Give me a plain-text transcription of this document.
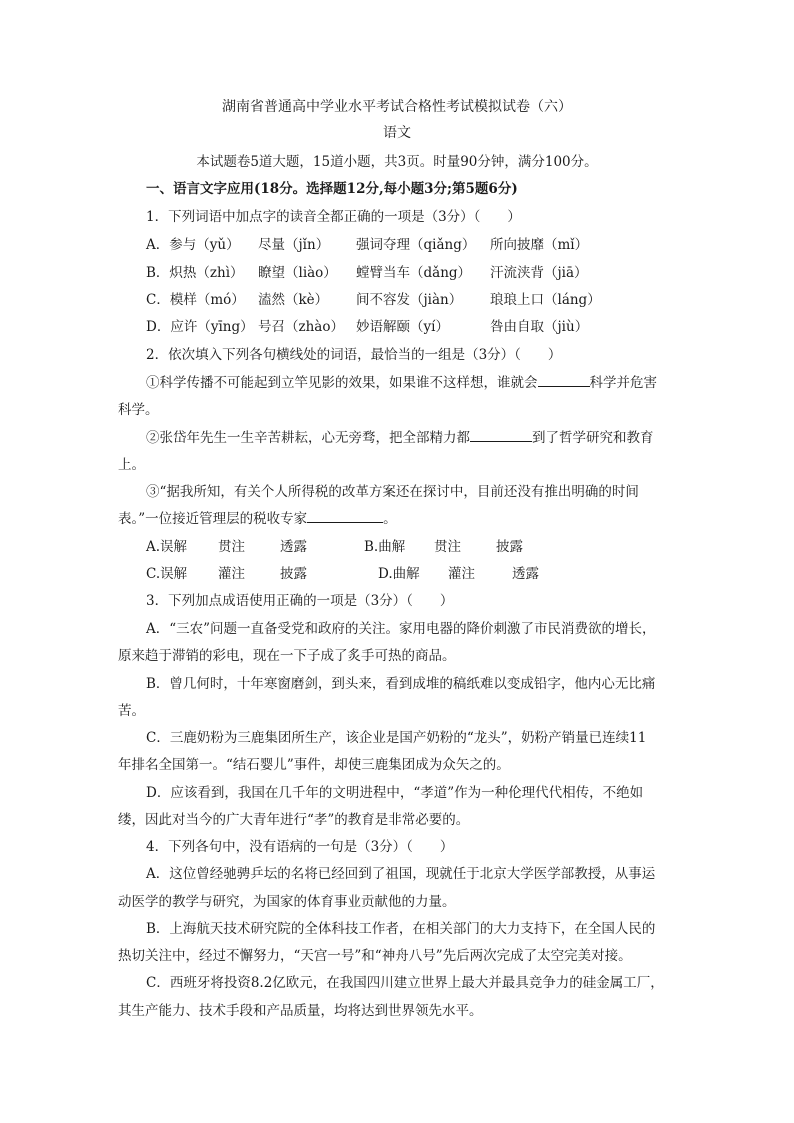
湖南省普通高中学业水平考试合格性考试模拟试卷（六）
语文
本试题卷5道大题，15道小题，共3页。时量90分钟，满分100分。
一、语言文字应用(18分。选择题12分,每小题3分;第5题6分)
1．下列词语中加点字的读音全都正确的一项是（3分）（　　）
A．参与（yǔ） 尽量（jǐn） 强词夺理（qiǎng） 所向披靡（mǐ）
B．炽热（zhì） 瞭望（liào） 螳臂当车（dǎng） 汗流浃背（jiā）
C．模样（mó） 溘然（kè） 间不容发（jiàn） 琅琅上口（láng）
D．应许（yīng） 号召（zhào） 妙语解颐（yí）	咎由自取（jiù）
2．依次填入下列各句横线处的词语，最恰当的一组是（3分）（　　）
①科学传播不可能起到立竿见影的效果，如果谁不这样想，谁就会	科学并危害
科学。
②张岱年先生一生辛苦耕耘，心无旁骛，把全部精力都	到了哲学研究和教育
上。
③“据我所知，有关个人所得税的改革方案还在探讨中，目前还没有推出明确的时间
表。”一位接近管理层的税收专家	。
A.误解 贯注	透露	B.曲解 贯注	披露
C.误解 灌注	披露	D.曲解 灌注	透露
3．下列加点成语使用正确的一项是（3分）（　　）
A．“三农”问题一直备受党和政府的关注。家用电器的降价刺激了市民消费欲的增长，
原来趋于滞销的彩电，现在一下子成了炙手可热的商品。
B．曾几何时，十年寒窗磨剑，到头来，看到成堆的稿纸难以变成铅字，他内心无比痛
苦。
C．三鹿奶粉为三鹿集团所生产，该企业是国产奶粉的“龙头”，奶粉产销量已连续11
年排名全国第一。“结石婴儿”事件，却使三鹿集团成为众矢之的。
D．应该看到，我国在几千年的文明进程中，“孝道”作为一种伦理代代相传，不绝如
缕，因此对当今的广大青年进行“孝”的教育是非常必要的。
4．下列各句中，没有语病的一句是（3分）（　　）
A．这位曾经驰骋乒坛的名将已经回到了祖国，现就任于北京大学医学部教授，从事运
动医学的教学与研究，为国家的体育事业贡献他的力量。
B．上海航天技术研究院的全体科技工作者，在相关部门的大力支持下，在全国人民的
热切关注中，经过不懈努力，“天宫一号”和“神舟八号”先后两次完成了太空完美对接。
C．西班牙将投资8.2亿欧元，在我国四川建立世界上最大并最具竞争力的硅金属工厂，
其生产能力、技术手段和产品质量，均将达到世界领先水平。
